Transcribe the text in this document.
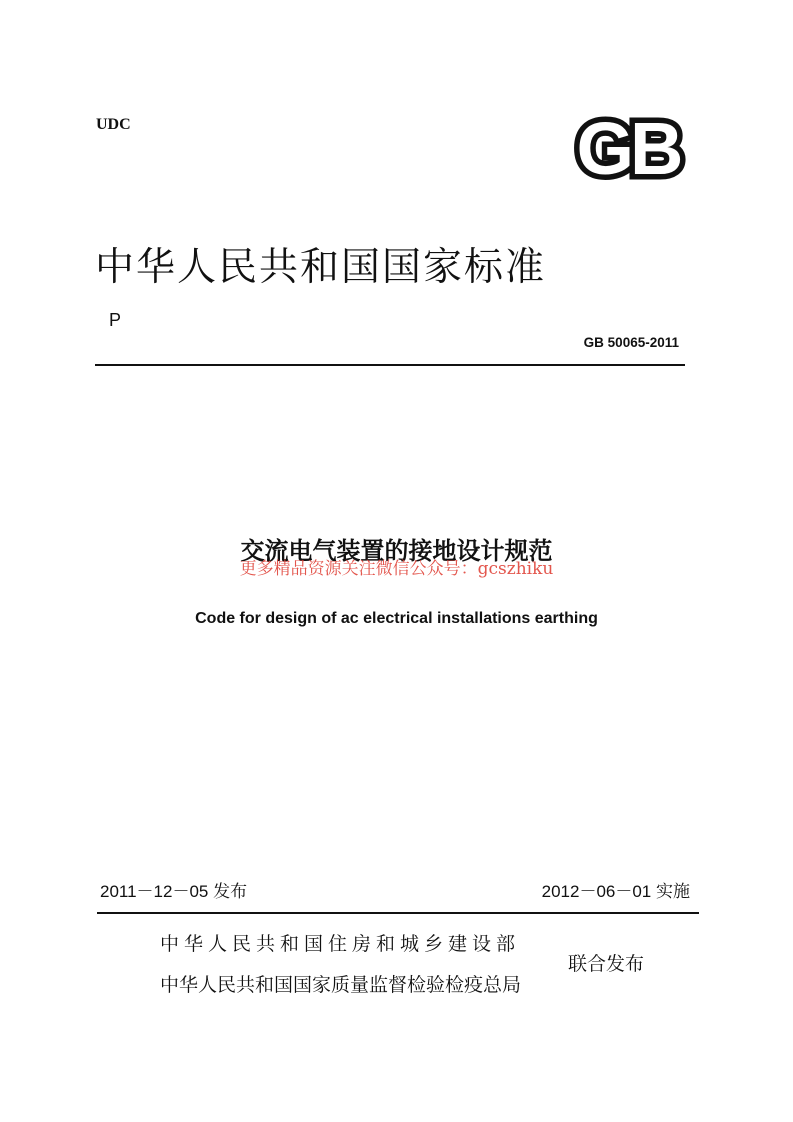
UDC	GB
中华人民共和国国家标准
P
GB 50065-2011
交流电气装置的接地设计规范
更多精品资源关注微信公众号：gcszhiku
Code for design of ac electrical installations earthing
2011－12－05 发布	2012－06－01 实施
中华人民共和国住房和城乡建设部
中华人民共和国国家质量监督检验检疫总局
联合发布
